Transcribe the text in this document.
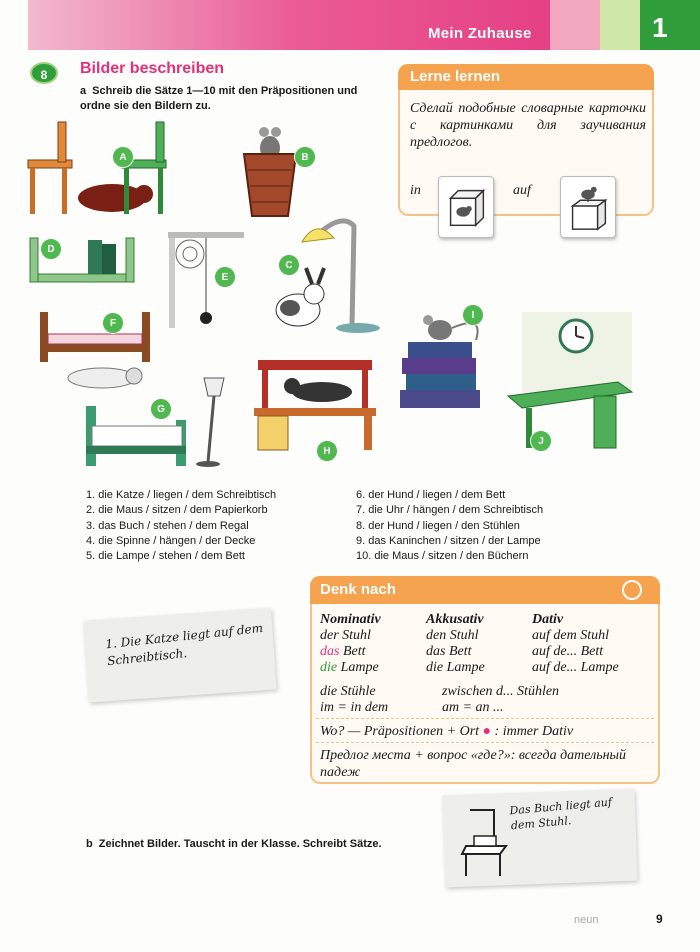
Mein Zuhause	1
8	Bilder beschreiben
a Schreib die Sätze 1—10 mit den Präpositionen und ordne sie den Bildern zu.
Lerne lernen
Сделай подобные словарные карточки с картинками для заучивания предлогов.
in	auf
A	B
D
E
C
F
G
H
I
J
1. die Katze / liegen / dem Schreibtisch
2. die Maus / sitzen / dem Papierkorb
3. das Buch / stehen / dem Regal
4. die Spinne / hängen / der Decke
5. die Lampe / stehen / dem Bett
6. der Hund / liegen / dem Bett
7. die Uhr / hängen / dem Schreibtisch
8. der Hund / liegen / den Stühlen
9. das Kaninchen / sitzen / der Lampe
10. die Maus / sitzen / den Büchern
1. Die Katze liegt auf dem Schreibtisch.
Denk nach
Nominativ	Akkusativ	Dativ
der Stuhl	den Stuhl	auf dem Stuhl
das Bett	das Bett	auf de... Bett
die Lampe	die Lampe	auf de... Lampe
die Stühle	zwischen d... Stühlen
im = in dem	am = an ...
Wo? — Präpositionen + Ort ● : immer Dativ
Предлог места + вопрос «где?»: всегда дательный падеж
Das Buch liegt auf dem Stuhl.
b Zeichnet Bilder. Tauscht in der Klasse. Schreibt Sätze.
neun	9
